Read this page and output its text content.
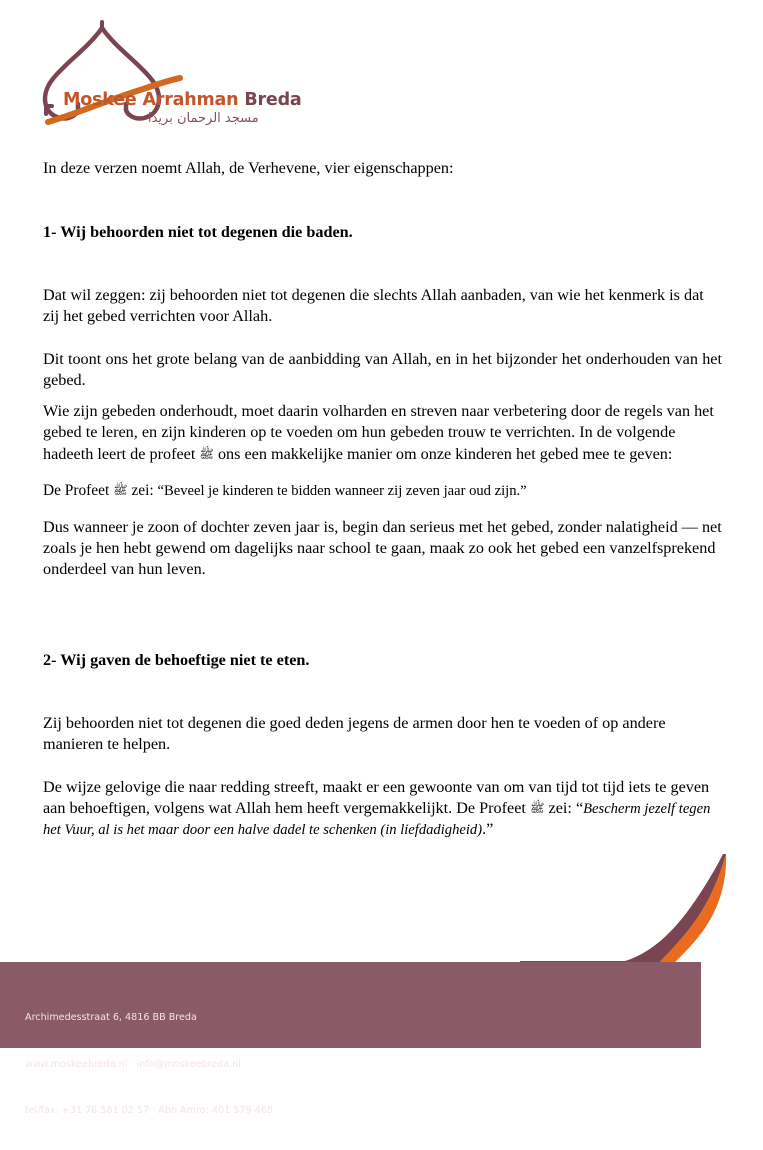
Moskee Arrahman Breda
مسجد الرحمان بريدا

In deze verzen noemt Allah, de Verhevene, vier eigenschappen:

1- Wij behoorden niet tot degenen die baden.

Dat wil zeggen: zij behoorden niet tot degenen die slechts Allah aanbaden, van wie het kenmerk is dat zij het gebed verrichten voor Allah.

Dit toont ons het grote belang van de aanbidding van Allah, en in het bijzonder het onderhouden van het gebed.

Wie zijn gebeden onderhoudt, moet daarin volharden en streven naar verbetering door de regels van het gebed te leren, en zijn kinderen op te voeden om hun gebeden trouw te verrichten. In de volgende hadeeth leert de profeet ﷺ ons een makkelijke manier om onze kinderen het gebed mee te geven:

De Profeet ﷺ zei: “Beveel je kinderen te bidden wanneer zij zeven jaar oud zijn.”

Dus wanneer je zoon of dochter zeven jaar is, begin dan serieus met het gebed, zonder nalatigheid — net zoals je hen hebt gewend om dagelijks naar school te gaan, maak zo ook het gebed een vanzelfsprekend onderdeel van hun leven.

2- Wij gaven de behoeftige niet te eten.

Zij behoorden niet tot degenen die goed deden jegens de armen door hen te voeden of op andere manieren te helpen.

De wijze gelovige die naar redding streeft, maakt er een gewoonte van om van tijd tot tijd iets te geven aan behoeftigen, volgens wat Allah hem heeft vergemakkelijkt. De Profeet ﷺ zei: “Bescherm jezelf tegen het Vuur, al is het maar door een halve dadel te schenken (in liefdadigheid).”

Archimedesstraat 6, 4816 BB Breda

www.moskeebreda.nl   info@moskeebreda.nl

tel/fax: +31 76 581 02 57   Abn Amro: 401 579 468
